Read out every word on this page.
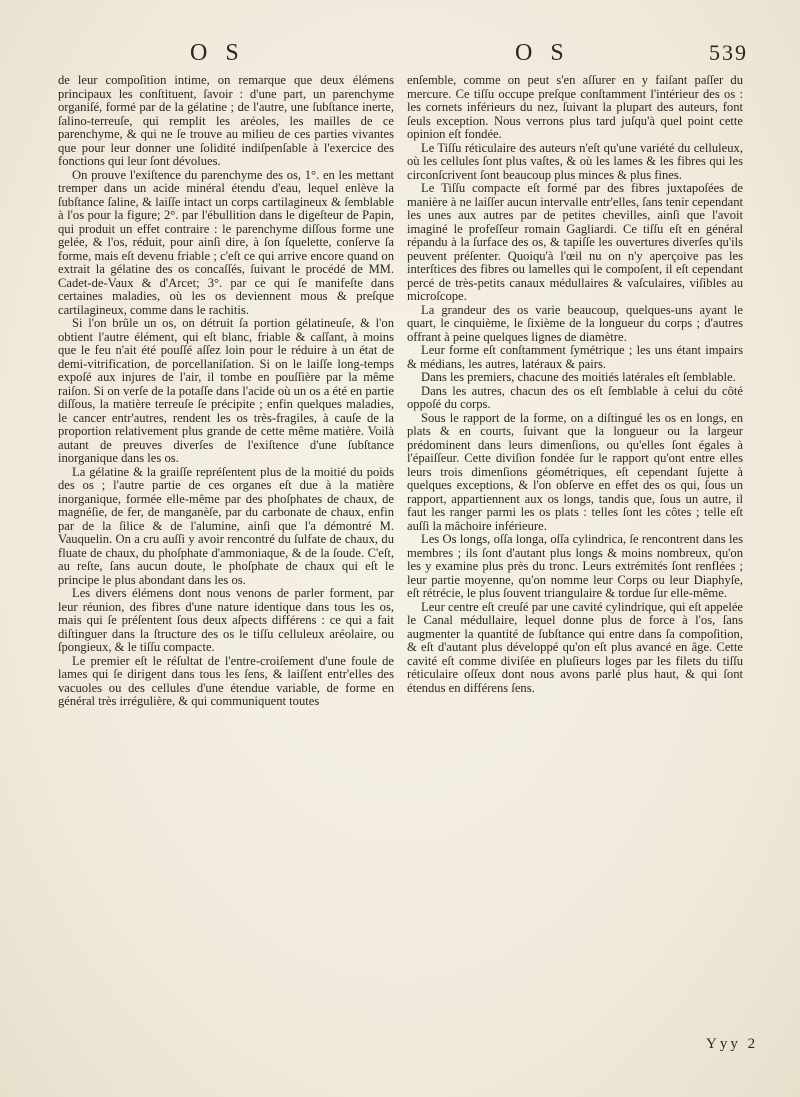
O S	O S	539

de leur compoſition intime, on remarque que deux élémens principaux les conſtituent, ſavoir : d'une part, un parenchyme organiſé, formé par de la gélatine ; de l'autre, une ſubſtance inerte, ſalino-terreuſe, qui remplit les aréoles, les mailles de ce parenchyme, & qui ne ſe trouve au milieu de ces parties vivantes que pour leur donner une ſolidité indiſpenſable à l'exercice des fonctions qui leur ſont dévolues.

On prouve l'exiſtence du parenchyme des os, 1°. en les mettant tremper dans un acide minéral étendu d'eau, lequel enlève la ſubſtance ſaline, & laiſſe intact un corps cartilagineux & ſemblable à l'os pour la figure; 2°. par l'ébullition dans le digeſteur de Papin, qui produit un effet contraire : le parenchyme diſſous forme une gelée, & l'os, réduit, pour ainſi dire, à ſon ſquelette, conſerve ſa forme, mais eſt devenu friable ; c'eſt ce qui arrive encore quand on extrait la gélatine des os concaſſés, ſuivant le procédé de MM. Cadet-de-Vaux & d'Arcet; 3°. par ce qui ſe manifeſte dans certaines maladies, où les os deviennent mous & preſque cartilagineux, comme dans le rachitis.

Si l'on brûle un os, on détruit ſa portion gélatineuſe, & l'on obtient l'autre élément, qui eſt blanc, friable & caſſant, à moins que le feu n'ait été pouſſé aſſez loin pour le réduire à un état de demi-vitrification, de porcellaniſation. Si on le laiſſe long-temps expoſé aux injures de l'air, il tombe en pouſſière par la même raiſon. Si on verſe de la potaſſe dans l'acide où un os a été en partie diſſous, la matière terreuſe ſe précipite ; enfin quelques maladies, le cancer entr'autres, rendent les os très-fragiles, à cauſe de la proportion relativement plus grande de cette même matière. Voilà autant de preuves diverſes de l'exiſtence d'une ſubſtance inorganique dans les os.

La gélatine & la graiſſe repréſentent plus de la moitié du poids des os ; l'autre partie de ces organes eſt due à la matière inorganique, formée elle-même par des phoſphates de chaux, de magnéſie, de fer, de manganèſe, par du carbonate de chaux, enfin par de la ſilice & de l'alumine, ainſi que l'a démontré M. Vauquelin. On a cru auſſi y avoir rencontré du ſulfate de chaux, du fluate de chaux, du phoſphate d'ammoniaque, & de la ſoude. C'eſt, au reſte, ſans aucun doute, le phoſphate de chaux qui eſt le principe le plus abondant dans les os.

Les divers élémens dont nous venons de parler forment, par leur réunion, des fibres d'une nature identique dans tous les os, mais qui ſe préſentent ſous deux aſpects différens : ce qui a fait diſtinguer dans la ſtructure des os le tiſſu celluleux aréolaire, ou ſpongieux, & le tiſſu compacte.

Le premier eſt le réſultat de l'entre-croiſement d'une foule de lames qui ſe dirigent dans tous les ſens, & laiſſent entr'elles des vacuoles ou des cellules d'une étendue variable, de forme en général très irrégulière, & qui communiquent toutes

enſemble, comme on peut s'en aſſurer en y faiſant paſſer du mercure. Ce tiſſu occupe preſque conſtamment l'intérieur des os : les cornets inférieurs du nez, ſuivant la plupart des auteurs, font ſeuls exception. Nous verrons plus tard juſqu'à quel point cette opinion eſt fondée.

Le Tiſſu réticulaire des auteurs n'eſt qu'une variété du celluleux, où les cellules ſont plus vaſtes, & où les lames & les fibres qui les circonſcrivent ſont beaucoup plus minces & plus fines.

Le Tiſſu compacte eſt formé par des fibres juxtapoſées de manière à ne laiſſer aucun intervalle entr'elles, ſans tenir cependant les unes aux autres par de petites chevilles, ainſi que l'avoit imaginé le profeſſeur romain Gagliardi. Ce tiſſu eſt en général répandu à la ſurface des os, & tapiſſe les ouvertures diverſes qu'ils peuvent préſenter. Quoiqu'à l'œil nu on n'y aperçoive pas les interſtices des fibres ou lamelles qui le compoſent, il eſt cependant percé de très-petits canaux médullaires & vaſculaires, viſibles au microſcope.

La grandeur des os varie beaucoup, quelques-uns ayant le quart, le cinquième, le ſixième de la longueur du corps ; d'autres offrant à peine quelques lignes de diamètre.

Leur forme eſt conſtamment ſymétrique ; les uns étant impairs & médians, les autres, latéraux & pairs.

Dans les premiers, chacune des moitiés latérales eſt ſemblable.

Dans les autres, chacun des os eſt ſemblable à celui du côté oppoſé du corps.

Sous le rapport de la forme, on a diſtingué les os en longs, en plats & en courts, ſuivant que la longueur ou la largeur prédominent dans leurs dimenſions, ou qu'elles ſont égales à l'épaiſſeur. Cette diviſion fondée ſur le rapport qu'ont entre elles leurs trois dimenſions géométriques, eſt cependant ſujette à quelques exceptions, & l'on obſerve en effet des os qui, ſous un rapport, appartiennent aux os longs, tandis que, ſous un autre, il faut les ranger parmi les os plats : telles ſont les côtes ; telle eſt auſſi la mâchoire inférieure.

Les Os longs, oſſa longa, oſſa cylindrica, ſe rencontrent dans les membres ; ils ſont d'autant plus longs & moins nombreux, qu'on les y examine plus près du tronc. Leurs extrémités ſont renflées ; leur partie moyenne, qu'on nomme leur Corps ou leur Diaphyſe, eſt rétrécie, le plus ſouvent triangulaire & tordue ſur elle-même.

Leur centre eſt creuſé par une cavité cylindrique, qui eſt appelée le Canal médullaire, lequel donne plus de force à l'os, ſans augmenter la quantité de ſubſtance qui entre dans ſa compoſition, & eſt d'autant plus développé qu'on eſt plus avancé en âge. Cette cavité eſt comme diviſée en pluſieurs loges par les filets du tiſſu réticulaire oſſeux dont nous avons parlé plus haut, & qui ſont étendus en différens ſens.

Yyy 2
